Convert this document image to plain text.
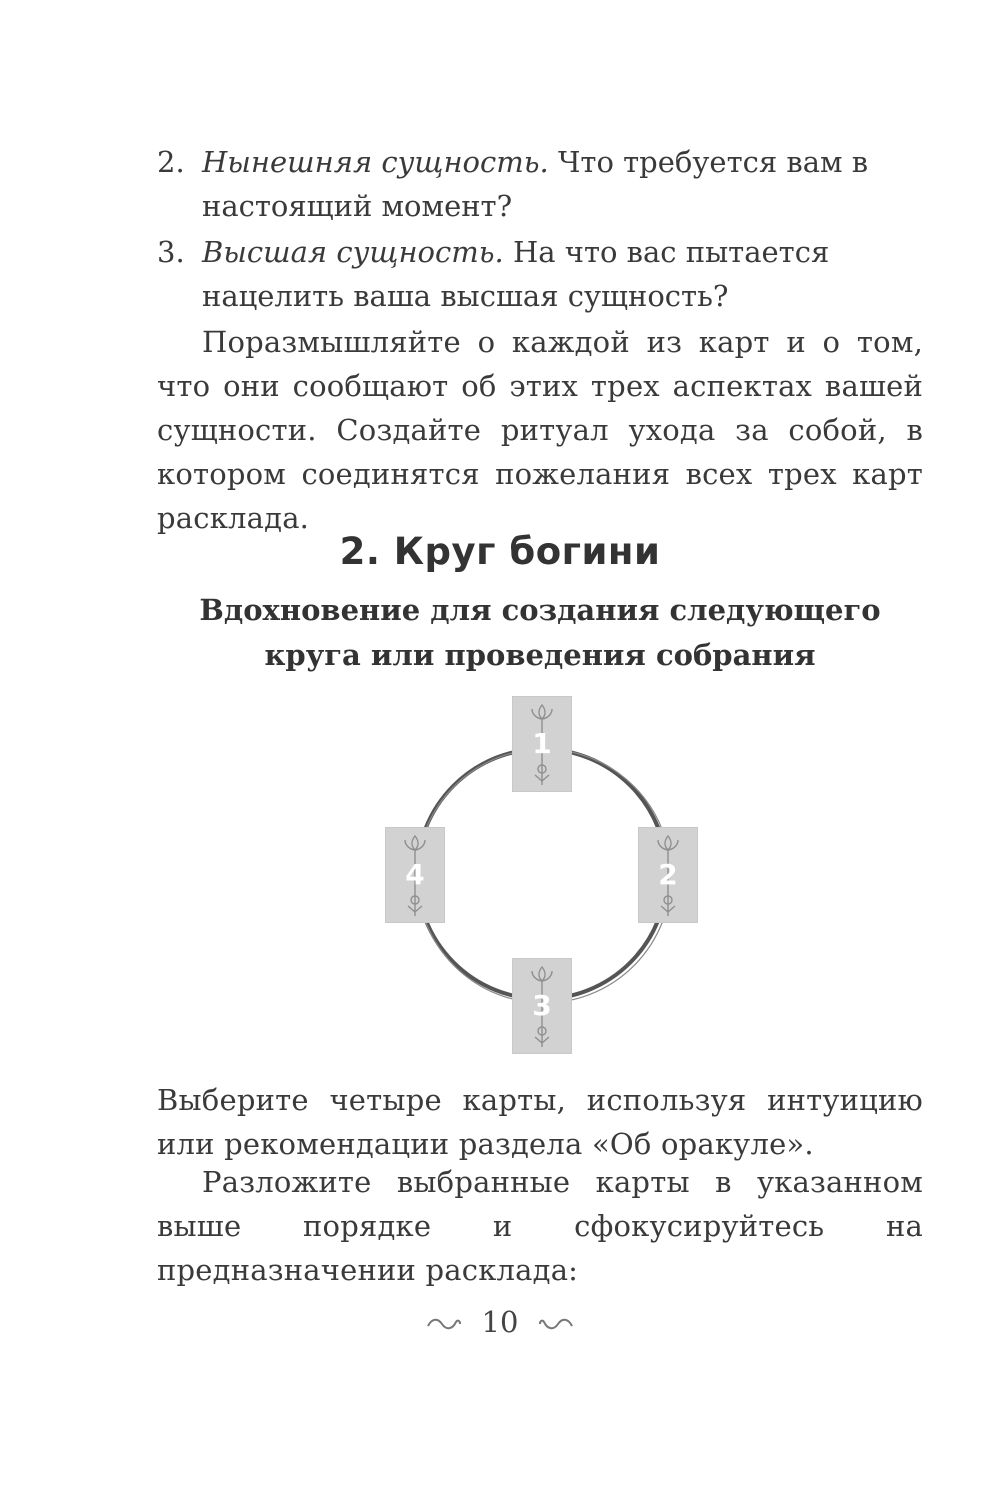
2. Нынешняя сущность. Что требуется вам в настоящий момент?
3. Высшая сущность. На что вас пытается нацелить ваша высшая сущность?

Поразмышляйте о каждой из карт и о том, что они сообщают об этих трех аспектах вашей сущности. Создайте ритуал ухода за собой, в котором соединятся пожелания всех трех карт расклада.

2. Круг богини
Вдохновение для создания следующего круга или проведения собрания
1
2
3
4

Выберите четыре карты, используя интуицию или рекомендации раздела «Об оракуле».

Разложите выбранные карты в указанном выше порядке и сфокусируйтесь на предназначении расклада:

10
